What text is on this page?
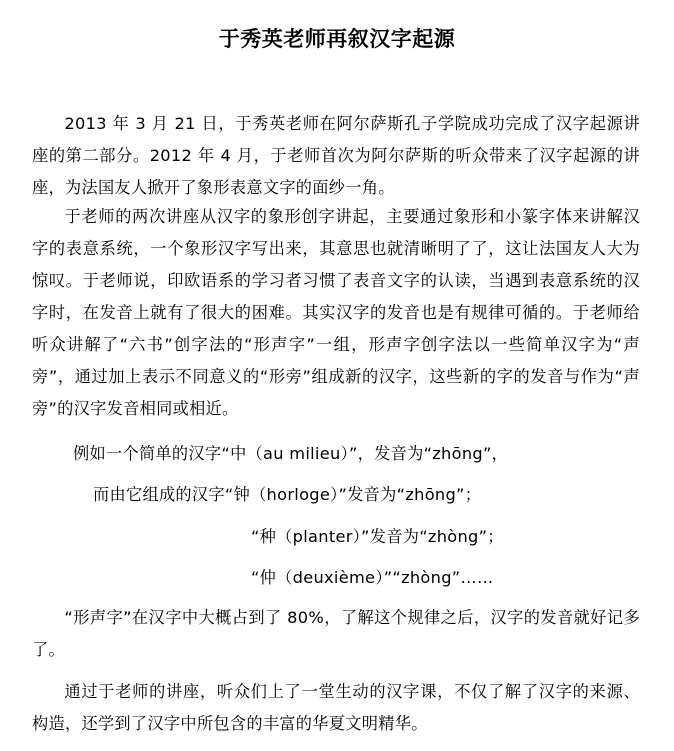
于秀英老师再叙汉字起源

2013 年 3 月 21 日，于秀英老师在阿尔萨斯孔子学院成功完成了汉字起源讲座的第二部分。2012 年 4 月，于老师首次为阿尔萨斯的听众带来了汉字起源的讲座，为法国友人掀开了象形表意文字的面纱一角。

于老师的两次讲座从汉字的象形创字讲起，主要通过象形和小篆字体来讲解汉字的表意系统，一个象形汉字写出来，其意思也就清晰明了了，这让法国友人大为惊叹。于老师说，印欧语系的学习者习惯了表音文字的认读，当遇到表意系统的汉字时，在发音上就有了很大的困难。其实汉字的发音也是有规律可循的。于老师给听众讲解了“六书”创字法的“形声字”一组，形声字创字法以一些简单汉字为“声旁”，通过加上表示不同意义的“形旁”组成新的汉字，这些新的字的发音与作为“声旁”的汉字发音相同或相近。

例如一个简单的汉字“中（au milieu）”，发音为“zhōng”，
而由它组成的汉字“钟（horloge）”发音为“zhōng”；
“种（planter）”发音为“zhòng”；
“仲（deuxième）”“zhòng”……

“形声字”在汉字中大概占到了 80%，了解这个规律之后，汉字的发音就好记多了。

通过于老师的讲座，听众们上了一堂生动的汉字课，不仅了解了汉字的来源、构造，还学到了汉字中所包含的丰富的华夏文明精华。
